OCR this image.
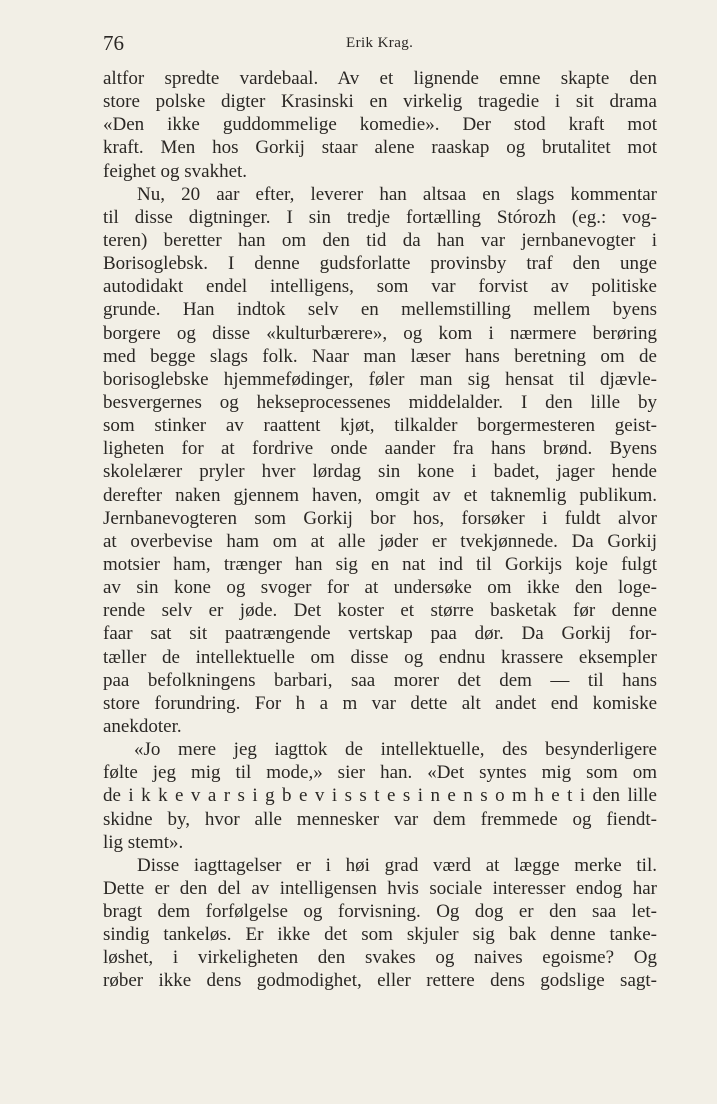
76	Erik Krag.
altfor spredte vardebaal. Av et lignende emne skapte den
store polske digter Krasinski en virkelig tragedie i sit drama
«Den ikke guddommelige komedie». Der stod kraft mot
kraft. Men hos Gorkij staar alene raaskap og brutalitet mot
feighet og svakhet.
Nu, 20 aar efter, leverer han altsaa en slags kommentar
til disse digtninger. I sin tredje fortælling Stórozh (eg.: vog-
teren) beretter han om den tid da han var jernbanevogter i
Borisoglebsk. I denne gudsforlatte provinsby traf den unge
autodidakt endel intelligens, som var forvist av politiske
grunde. Han indtok selv en mellemstilling mellem byens
borgere og disse «kulturbærere», og kom i nærmere berøring
med begge slags folk. Naar man læser hans beretning om de
borisoglebske hjemmefødinger, føler man sig hensat til djævle-
besvergernes og hekseprocessenes middelalder. I den lille by
som stinker av raattent kjøt, tilkalder borgermesteren geist-
ligheten for at fordrive onde aander fra hans brønd. Byens
skolelærer pryler hver lørdag sin kone i badet, jager hende
derefter naken gjennem haven, omgit av et taknemlig publikum.
Jernbanevogteren som Gorkij bor hos, forsøker i fuldt alvor
at overbevise ham om at alle jøder er tvekjønnede. Da Gorkij
motsier ham, trænger han sig en nat ind til Gorkijs koje fulgt
av sin kone og svoger for at undersøke om ikke den loge-
rende selv er jøde. Det koster et større basketak før denne
faar sat sit paatrængende vertskap paa dør. Da Gorkij for-
tæller de intellektuelle om disse og endnu krassere eksempler
paa befolkningens barbari, saa morer det dem — til hans
store forundring. For h a m var dette alt andet end komiske
anekdoter.
«Jo mere jeg iagttok de intellektuelle, des besynderligere
følte jeg mig til mode,» sier han. «Det syntes mig som om
de i k k e v a r s i g b e v i s s t e s i n e n s o m h e t i den lille
skidne by, hvor alle mennesker var dem fremmede og fiendt-
lig stemt».
Disse iagttagelser er i høi grad værd at lægge merke til.
Dette er den del av intelligensen hvis sociale interesser endog har
bragt dem forfølgelse og forvisning. Og dog er den saa let-
sindig tankeløs. Er ikke det som skjuler sig bak denne tanke-
løshet, i virkeligheten den svakes og naives egoisme? Og
røber ikke dens godmodighet, eller rettere dens godslige sagt-
